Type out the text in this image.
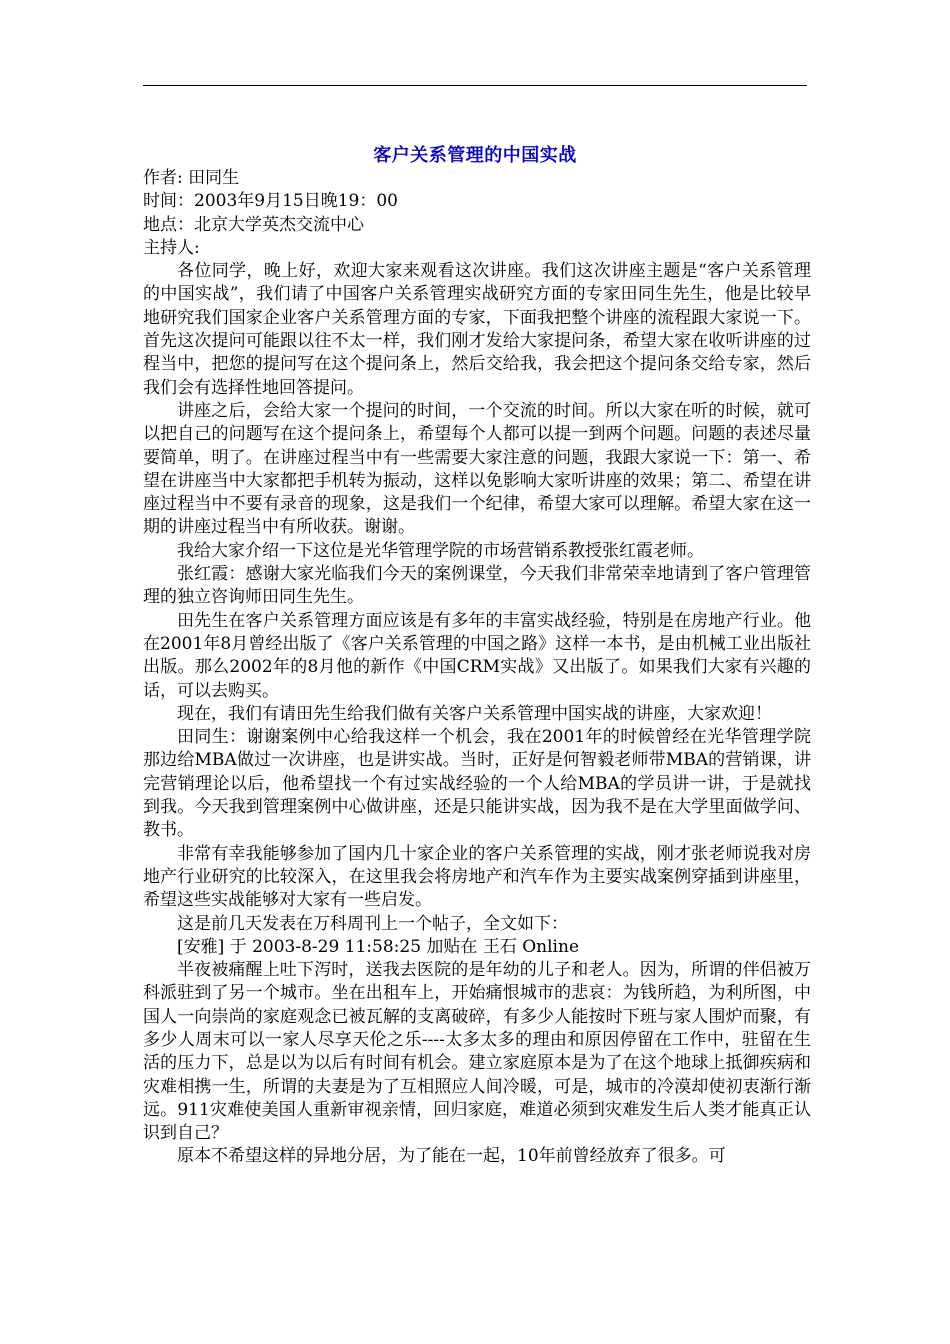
客户关系管理的中国实战

作者: 田同生

时间：2003年9月15日晚19：00

地点：北京大学英杰交流中心

主持人:

各位同学，晚上好，欢迎大家来观看这次讲座。我们这次讲座主题是“客户关系管理的中国实战”，我们请了中国客户关系管理实战研究方面的专家田同生先生，他是比较早地研究我们国家企业客户关系管理方面的专家，下面我把整个讲座的流程跟大家说一下。首先这次提问可能跟以往不太一样，我们刚才发给大家提问条，希望大家在收听讲座的过程当中，把您的提问写在这个提问条上，然后交给我，我会把这个提问条交给专家，然后我们会有选择性地回答提问。

讲座之后，会给大家一个提问的时间，一个交流的时间。所以大家在听的时候，就可以把自己的问题写在这个提问条上，希望每个人都可以提一到两个问题。问题的表述尽量要简单，明了。在讲座过程当中有一些需要大家注意的问题，我跟大家说一下：第一、希望在讲座当中大家都把手机转为振动，这样以免影响大家听讲座的效果；第二、希望在讲座过程当中不要有录音的现象，这是我们一个纪律，希望大家可以理解。希望大家在这一期的讲座过程当中有所收获。谢谢。

我给大家介绍一下这位是光华管理学院的市场营销系教授张红霞老师。

张红霞：感谢大家光临我们今天的案例课堂，今天我们非常荣幸地请到了客户管理管理的独立咨询师田同生先生。

田先生在客户关系管理方面应该是有多年的丰富实战经验，特别是在房地产行业。他在2001年8月曾经出版了《客户关系管理的中国之路》这样一本书，是由机械工业出版社出版。那么2002年的8月他的新作《中国CRM实战》又出版了。如果我们大家有兴趣的话，可以去购买。

现在，我们有请田先生给我们做有关客户关系管理中国实战的讲座，大家欢迎！

田同生：谢谢案例中心给我这样一个机会，我在2001年的时候曾经在光华管理学院那边给MBA做过一次讲座，也是讲实战。当时，正好是何智毅老师带MBA的营销课，讲完营销理论以后，他希望找一个有过实战经验的一个人给MBA的学员讲一讲，于是就找到我。今天我到管理案例中心做讲座，还是只能讲实战，因为我不是在大学里面做学问、教书。

非常有幸我能够参加了国内几十家企业的客户关系管理的实战，刚才张老师说我对房地产行业研究的比较深入，在这里我会将房地产和汽车作为主要实战案例穿插到讲座里，希望这些实战能够对大家有一些启发。

这是前几天发表在万科周刊上一个帖子，全文如下：

[安雅] 于 2003-8-29 11:58:25 加贴在 王石 Online

半夜被痛醒上吐下泻时，送我去医院的是年幼的儿子和老人。因为，所谓的伴侣被万科派驻到了另一个城市。坐在出租车上，开始痛恨城市的悲哀：为钱所趋，为利所图，中国人一向崇尚的家庭观念已被瓦解的支离破碎，有多少人能按时下班与家人围炉而聚，有多少人周末可以一家人尽享天伦之乐----太多太多的理由和原因停留在工作中，驻留在生活的压力下，总是以为以后有时间有机会。建立家庭原本是为了在这个地球上抵御疾病和灾难相携一生，所谓的夫妻是为了互相照应人间冷暖，可是，城市的冷漠却使初衷渐行渐远。911灾难使美国人重新审视亲情，回归家庭，难道必须到灾难发生后人类才能真正认识到自己？

原本不希望这样的异地分居，为了能在一起，10年前曾经放弃了很多。可
